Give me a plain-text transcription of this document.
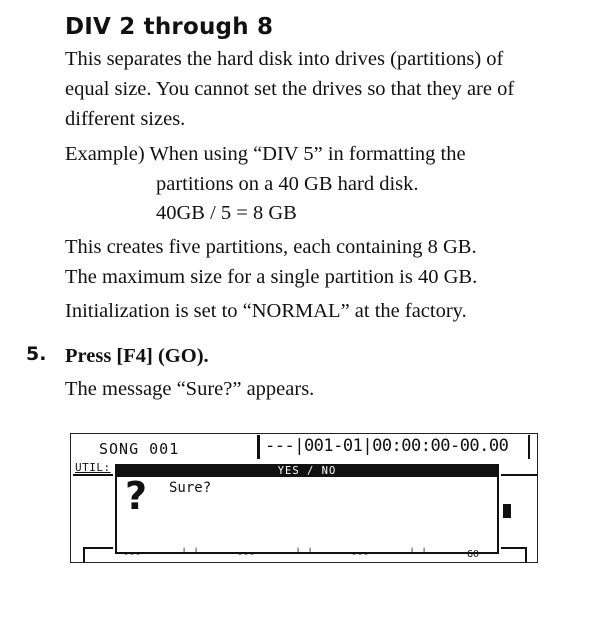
DIV 2 through 8
This separates the hard disk into drives (partitions) of
equal size. You cannot set the drives so that they are of
different sizes.
Example) When using “DIV 5” in formatting the
partitions on a 40 GB hard disk.
40GB / 5 = 8 GB
This creates five partitions, each containing 8 GB.
The maximum size for a single partition is 40 GB.
Initialization is set to “NORMAL” at the factory.
5. Press [F4] (GO).
The message “Sure?” appears.
SONG 001	---|001-01|00:00:00-00.00
UTIL:	YES / NO
? Sure?
---	╵ ╵	---	╵ ╵	---	╵ ╵	GO
